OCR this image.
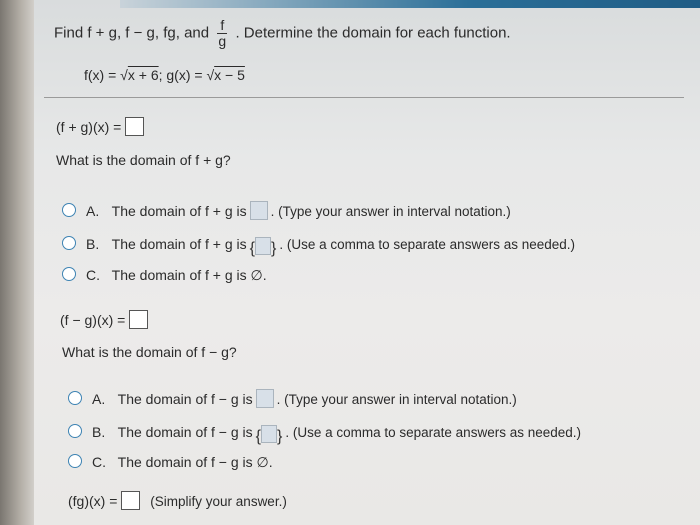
Find f + g, f − g, fg, and $\frac{f}{g}$ . Determine the domain for each function.
f(x) = √x + 6; g(x) = √x − 5
(f + g)(x) =
What is the domain of f + g?
A. The domain of f + g is . (Type your answer in interval notation.)
B. The domain of f + g is { } . (Use a comma to separate answers as needed.)
C. The domain of f + g is ∅.
(f − g)(x) =
What is the domain of f − g?
A. The domain of f − g is . (Type your answer in interval notation.)
B. The domain of f − g is { } . (Use a comma to separate answers as needed.)
C. The domain of f − g is ∅.
(fg)(x) = (Simplify your answer.)
